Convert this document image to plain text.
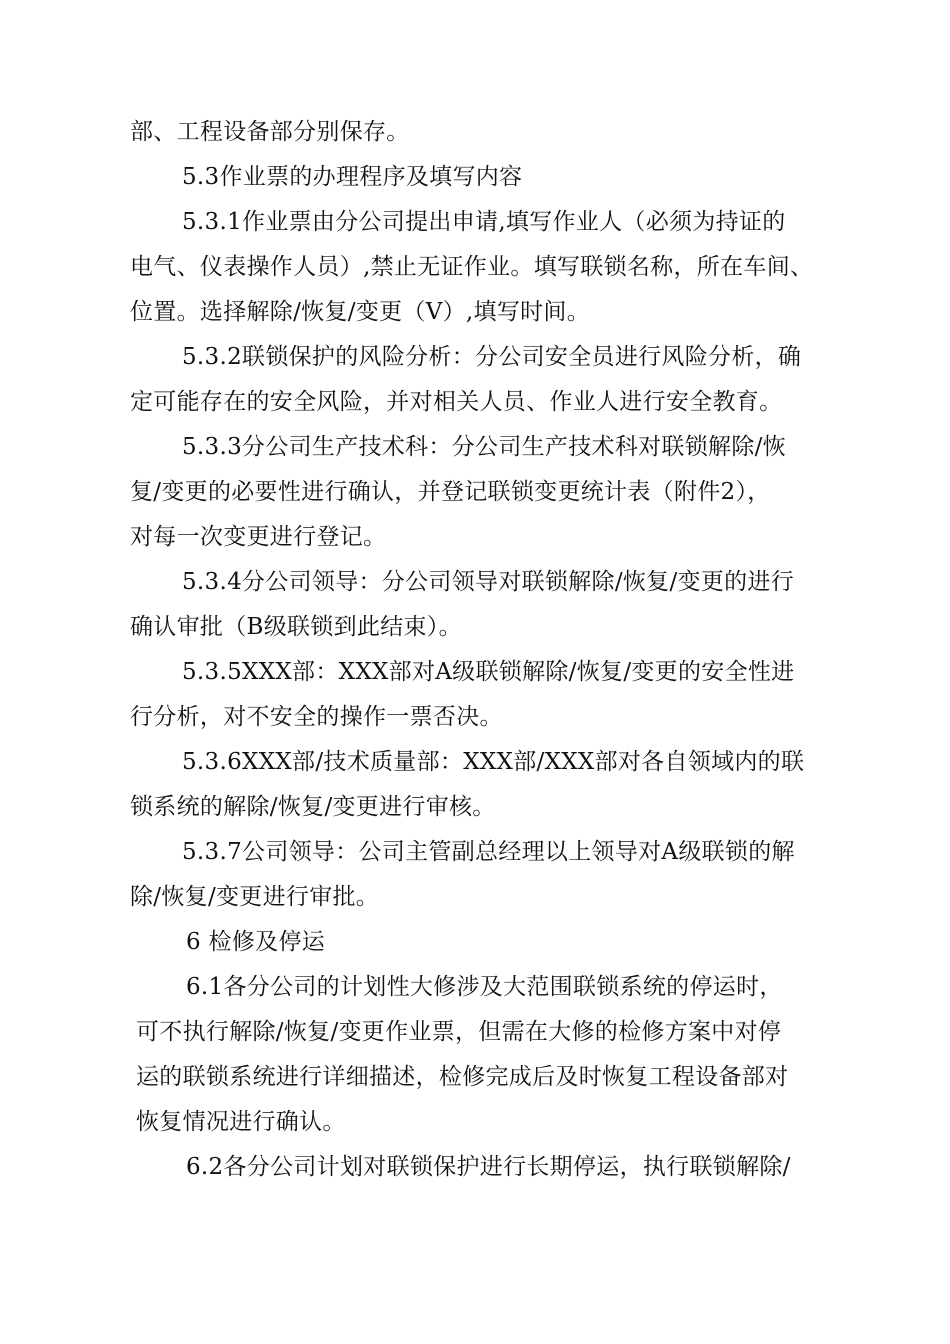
部、工程设备部分别保存。
5.3作业票的办理程序及填写内容
5.3.1作业票由分公司提出申请,填写作业人（必须为持证的
电气、仪表操作人员）,禁止无证作业。填写联锁名称，所在车间、
位置。选择解除/恢复/变更（V）,填写时间。
5.3.2联锁保护的风险分析：分公司安全员进行风险分析，确
定可能存在的安全风险，并对相关人员、作业人进行安全教育。
5.3.3分公司生产技术科：分公司生产技术科对联锁解除/恢
复/变更的必要性进行确认，并登记联锁变更统计表（附件2），
对每一次变更进行登记。
5.3.4分公司领导：分公司领导对联锁解除/恢复/变更的进行
确认审批（B级联锁到此结束）。
5.3.5XXX部：XXX部对A级联锁解除/恢复/变更的安全性进
行分析，对不安全的操作一票否决。
5.3.6XXX部/技术质量部：XXX部/XXX部对各自领域内的联
锁系统的解除/恢复/变更进行审核。
5.3.7公司领导：公司主管副总经理以上领导对A级联锁的解
除/恢复/变更进行审批。
6 检修及停运
6.1各分公司的计划性大修涉及大范围联锁系统的停运时，
可不执行解除/恢复/变更作业票，但需在大修的检修方案中对停
运的联锁系统进行详细描述，检修完成后及时恢复工程设备部对
恢复情况进行确认。
6.2各分公司计划对联锁保护进行长期停运，执行联锁解除/
